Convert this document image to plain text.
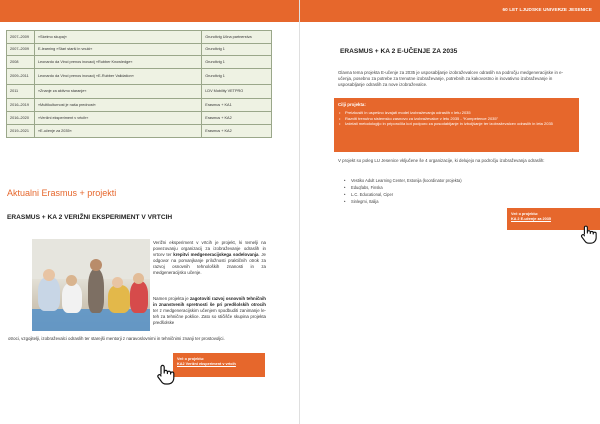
2007–2009	»Skelmo skupaj«	Grundtvig Učna partnerstva
2007–2009	E-learning »Stari starši in vnuki«	Grundtvig 1
2008	Leonardo da Vinci prenos inovacij »Rubber Knowledge«	Grundtvig 1
2009–2011	Leonardo da Vinci prenos inovacij »E-Rubber Validation«	Grundtvig 1
2011	»Znanje za aktivno staranje«	LDV Mobility VETPRO
2016–2019	»Multikulturnost je naša prednost«	Erasmus + KA1
2016–2020	»Verižni eksperiment v vrtcih«	Erasmus + KA2
2019–2021	»E-učenje za 2035«	Erasmus + KA2
Aktualni Erasmus + projekti
ERASMUS + KA 2 VERIŽNI EKSPERIMENT V VRTCIH

Verižni eksperiment v vrtcih je projekt, ki temelji na povezovanju organizacij za izobraževanje odraslih in vrtcev ter krepitvi medgeneracijskega sodelovanja. Je odgovor na pomanjkanje priložnosti praktičnih otrok za razvoj osnovnih tehnoloških znanosti in za medgeneracijsko učenje.

Namen projekta je zagotoviti razvoj osnovnih tehničnih in znanstvenih spretnosti še pri predšolskih otrocih ter z medgeneracijskim učenjem spodbuditi zanimanje le-teh za tehnične poklice. Zato so stičišče skupina projekta predšolske

otroci, vzgojitelji, izobraževalci odraslih ter starejši mentorji z naravoslovnimi in tehničnimi znanji ter prostovoljci.

Več o projektu:
KA2 Verižni eksperiment v vrtcih
60 LET LJUDSKE UNIVERZE JESENICE
ERASMUS + KA 2 E-UČENJE ZA 2035

Glavna tema projekta E-učenje za 2035 je usposabljanje izobraževalcev odraslih na področju medgeneracijske in e-učenja, posebno za potrebe za trenutne izobraževanje, potrebnih za kakovostno in inovativno izobraževanje in usposabljanje odraslih za nove izobraževalce.

Cilji projekta:
• Preizkusiti in uspešno izvajati model izobraževanja odraslih v letu 2035
• Razviti trenutno sistemsko zasnovo za izobraževalce v letu 2035 - “Kompetence 2035”
• Izdelati metodologijo in priporočila kot podporo za posodabljanje in izboljšanje ter izobraževalcev odraslih in leta 2035

V projekt so poleg LU Jesenice vključene še 4 organizacije, ki delujejo na področju izobraževanja odraslih:

• Vestiko Adult Learning Center, Estonija (koordinator projekta)
• Eduqfabs, Finska
• L.C. Educational, Ciper
• Sinlegmi, Italija
Več o projektu:
KA 2 E-učenje za 2035
